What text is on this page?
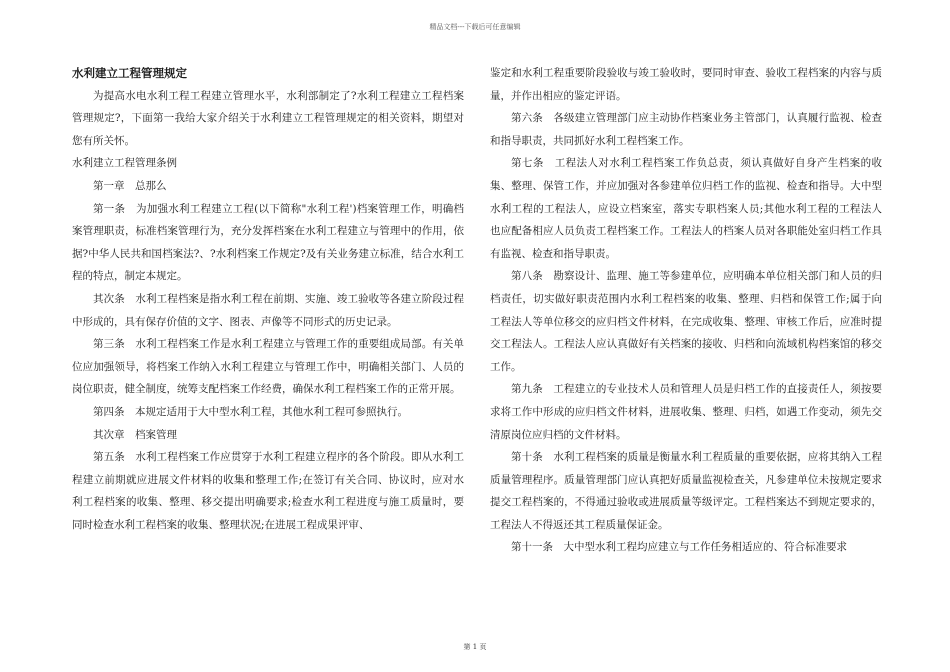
精品文档---下载后可任意编辑

水利建立工程管理规定

为提高水电水利工程工程建立管理水平，水利部制定了?水利工程建立工程档案管理规定?，下面第一我给大家介绍关于水利建立工程管理规定的相关资料，期望对您有所关怀。

水利建立工程管理条例

第一章　总那么

第一条　为加强水利工程建立工程(以下简称"水利工程')档案管理工作，明确档案管理职责，标准档案管理行为，充分发挥档案在水利工程建立与管理中的作用，依据?中华人民共和国档案法?、?水利档案工作规定?及有关业务建立标准，结合水利工程的特点，制定本规定。

其次条　水利工程档案是指水利工程在前期、实施、竣工验收等各建立阶段过程中形成的，具有保存价值的文字、图表、声像等不同形式的历史记录。

第三条　水利工程档案工作是水利工程建立与管理工作的重要组成局部。有关单位应加强领导，将档案工作纳入水利工程建立与管理工作中，明确相关部门、人员的岗位职责，健全制度，统筹支配档案工作经费，确保水利工程档案工作的正常开展。

第四条　本规定适用于大中型水利工程，其他水利工程可参照执行。

其次章　档案管理

第五条　水利工程档案工作应贯穿于水利工程建立程序的各个阶段。即从水利工程建立前期就应进展文件材料的收集和整理工作;在签订有关合同、协议时，应对水利工程档案的收集、整理、移交提出明确要求;检查水利工程进度与施工质量时，要同时检查水利工程档案的收集、整理状况;在进展工程成果评审、

鉴定和水利工程重要阶段验收与竣工验收时，要同时审查、验收工程档案的内容与质量，并作出相应的鉴定评语。

第六条　各级建立管理部门应主动协作档案业务主管部门，认真履行监视、检查和指导职责，共同抓好水利工程档案工作。

第七条　工程法人对水利工程档案工作负总责，须认真做好自身产生档案的收集、整理、保管工作，并应加强对各参建单位归档工作的监视、检查和指导。大中型水利工程的工程法人，应设立档案室，落实专职档案人员;其他水利工程的工程法人也应配备相应人员负责工程档案工作。工程法人的档案人员对各职能处室归档工作具有监视、检查和指导职责。

第八条　勘察设计、监理、施工等参建单位，应明确本单位相关部门和人员的归档责任，切实做好职责范围内水利工程档案的收集、整理、归档和保管工作;属于向工程法人等单位移交的应归档文件材料，在完成收集、整理、审核工作后，应准时提交工程法人。工程法人应认真做好有关档案的接收、归档和向流域机构档案馆的移交工作。

第九条　工程建立的专业技术人员和管理人员是归档工作的直接责任人，须按要求将工作中形成的应归档文件材料，进展收集、整理、归档，如遇工作变动，须先交清原岗位应归档的文件材料。

第十条　水利工程档案的质量是衡量水利工程质量的重要依据，应将其纳入工程质量管理程序。质量管理部门应认真把好质量监视检查关，凡参建单位未按规定要求提交工程档案的，不得通过验收或进展质量等级评定。工程档案达不到规定要求的，工程法人不得返还其工程质量保证金。

第十一条　大中型水利工程均应建立与工作任务相适应的、符合标准要求

第 1 页
